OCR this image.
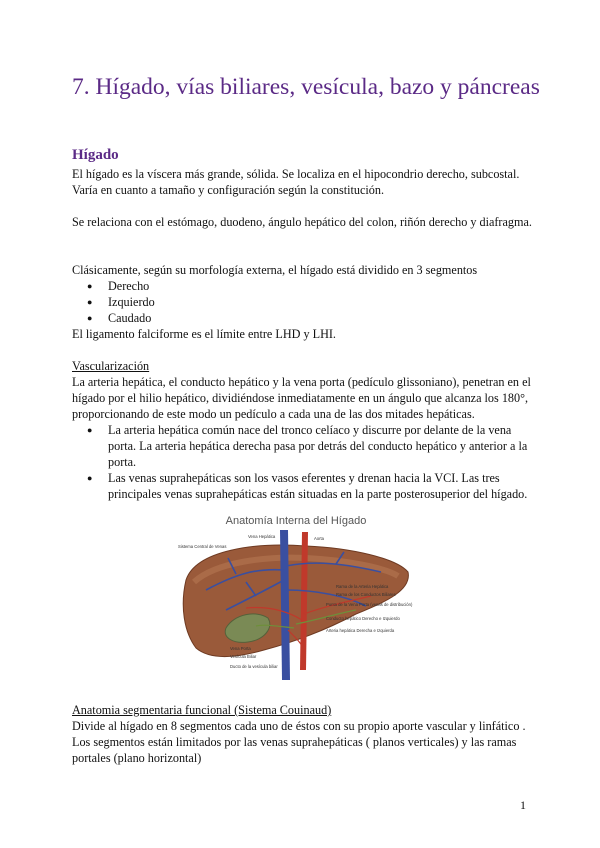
7. Hígado, vías biliares, vesícula, bazo y páncreas
Hígado

El hígado es la víscera más grande, sólida. Se localiza en el hipocondrio derecho, subcostal. Varía en cuanto a tamaño y configuración según la constitución.

Se relaciona con el estómago, duodeno, ángulo hepático del colon, riñón derecho y diafragma.

Clásicamente, según su morfología externa, el hígado está dividido en 3 segmentos

● Derecho
● Izquierdo
● Caudado

El ligamento falciforme es el límite entre LHD y LHI.

Vascularización

La arteria hepática, el conducto hepático y la vena porta (pedículo glissoniano), penetran en el hígado por el hilio hepático, dividiéndose inmediatamente en un ángulo que alcanza los 180°, proporcionando de este modo un pedículo a cada una de las dos mitades hepáticas.

● La arteria hepática común nace del tronco celíaco y discurre por delante de la vena porta. La arteria hepática derecha pasa por detrás del conducto hepático y anterior a la porta.
● Las venas suprahepáticas son los vasos eferentes y drenan hacia la VCI. Las tres principales venas suprahepáticas están situadas en la parte posterosuperior del hígado.
Anatomía Interna del Hígado
Vena Hepática	Aorta
Sistema Central de Venas
Rama de la Arteria Hepática
Rama de los Conductos Biliares
Punta de la Vena Porta (venas de distribución)
Conducto hepático Derecho e Izquierdo
Arteria hepática Derecha e Izquierda
Vena Porta
Vesícula Biliar
Ducto de la vesícula biliar

Anatomia segmentaria funcional (Sistema Couinaud)

Divide al hígado en 8 segmentos cada uno de éstos con su propio aporte vascular y linfático . Los segmentos están limitados por las venas suprahepáticas ( planos verticales) y las ramas portales (plano horizontal)

1
